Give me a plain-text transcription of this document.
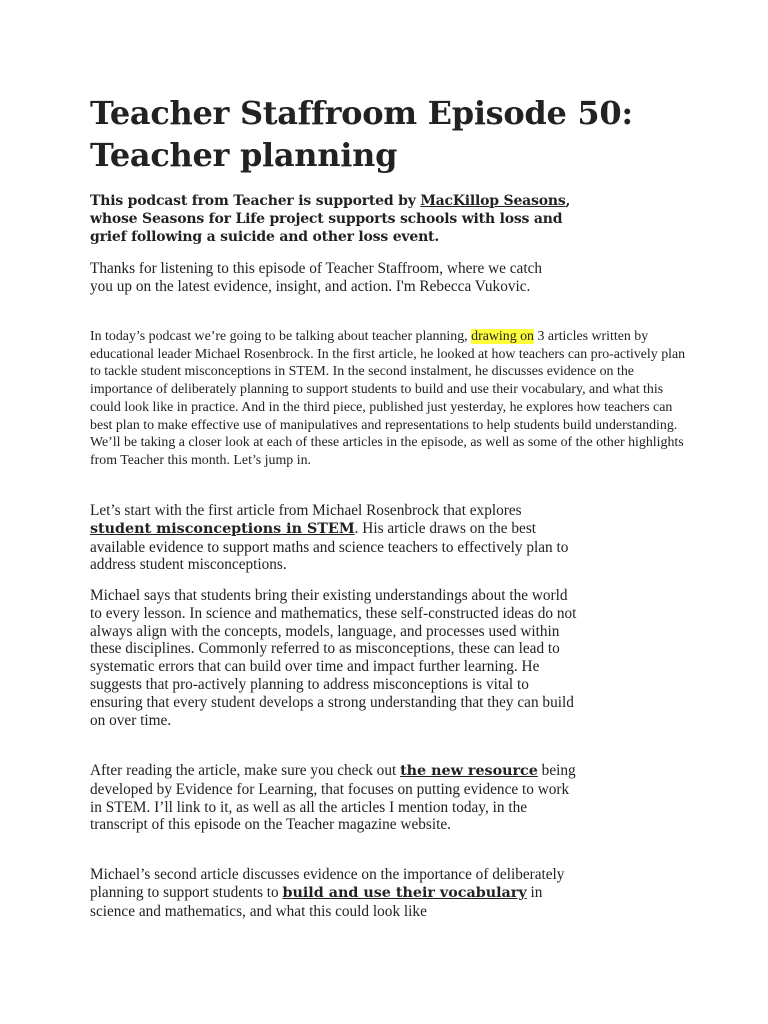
Teacher Staffroom Episode 50: Teacher planning

This podcast from Teacher is supported by MacKillop Seasons, whose Seasons for Life project supports schools with loss and grief following a suicide and other loss event.

Thanks for listening to this episode of Teacher Staffroom, where we catch you up on the latest evidence, insight, and action. I'm Rebecca Vukovic.

In today’s podcast we’re going to be talking about teacher planning, drawing on 3 articles written by educational leader Michael Rosenbrock. In the first article, he looked at how teachers can pro-actively plan to tackle student misconceptions in STEM. In the second instalment, he discusses evidence on the importance of deliberately planning to support students to build and use their vocabulary, and what this could look like in practice. And in the third piece, published just yesterday, he explores how teachers can best plan to make effective use of manipulatives and representations to help students build understanding. We’ll be taking a closer look at each of these articles in the episode, as well as some of the other highlights from Teacher this month. Let’s jump in.

Let’s start with the first article from Michael Rosenbrock that explores student misconceptions in STEM. His article draws on the best available evidence to support maths and science teachers to effectively plan to address student misconceptions.

Michael says that students bring their existing understandings about the world to every lesson. In science and mathematics, these self-constructed ideas do not always align with the concepts, models, language, and processes used within these disciplines. Commonly referred to as misconceptions, these can lead to systematic errors that can build over time and impact further learning. He suggests that pro-actively planning to address misconceptions is vital to ensuring that every student develops a strong understanding that they can build on over time.

After reading the article, make sure you check out the new resource being developed by Evidence for Learning, that focuses on putting evidence to work in STEM. I’ll link to it, as well as all the articles I mention today, in the transcript of this episode on the Teacher magazine website.

Michael’s second article discusses evidence on the importance of deliberately planning to support students to build and use their vocabulary in science and mathematics, and what this could look like
